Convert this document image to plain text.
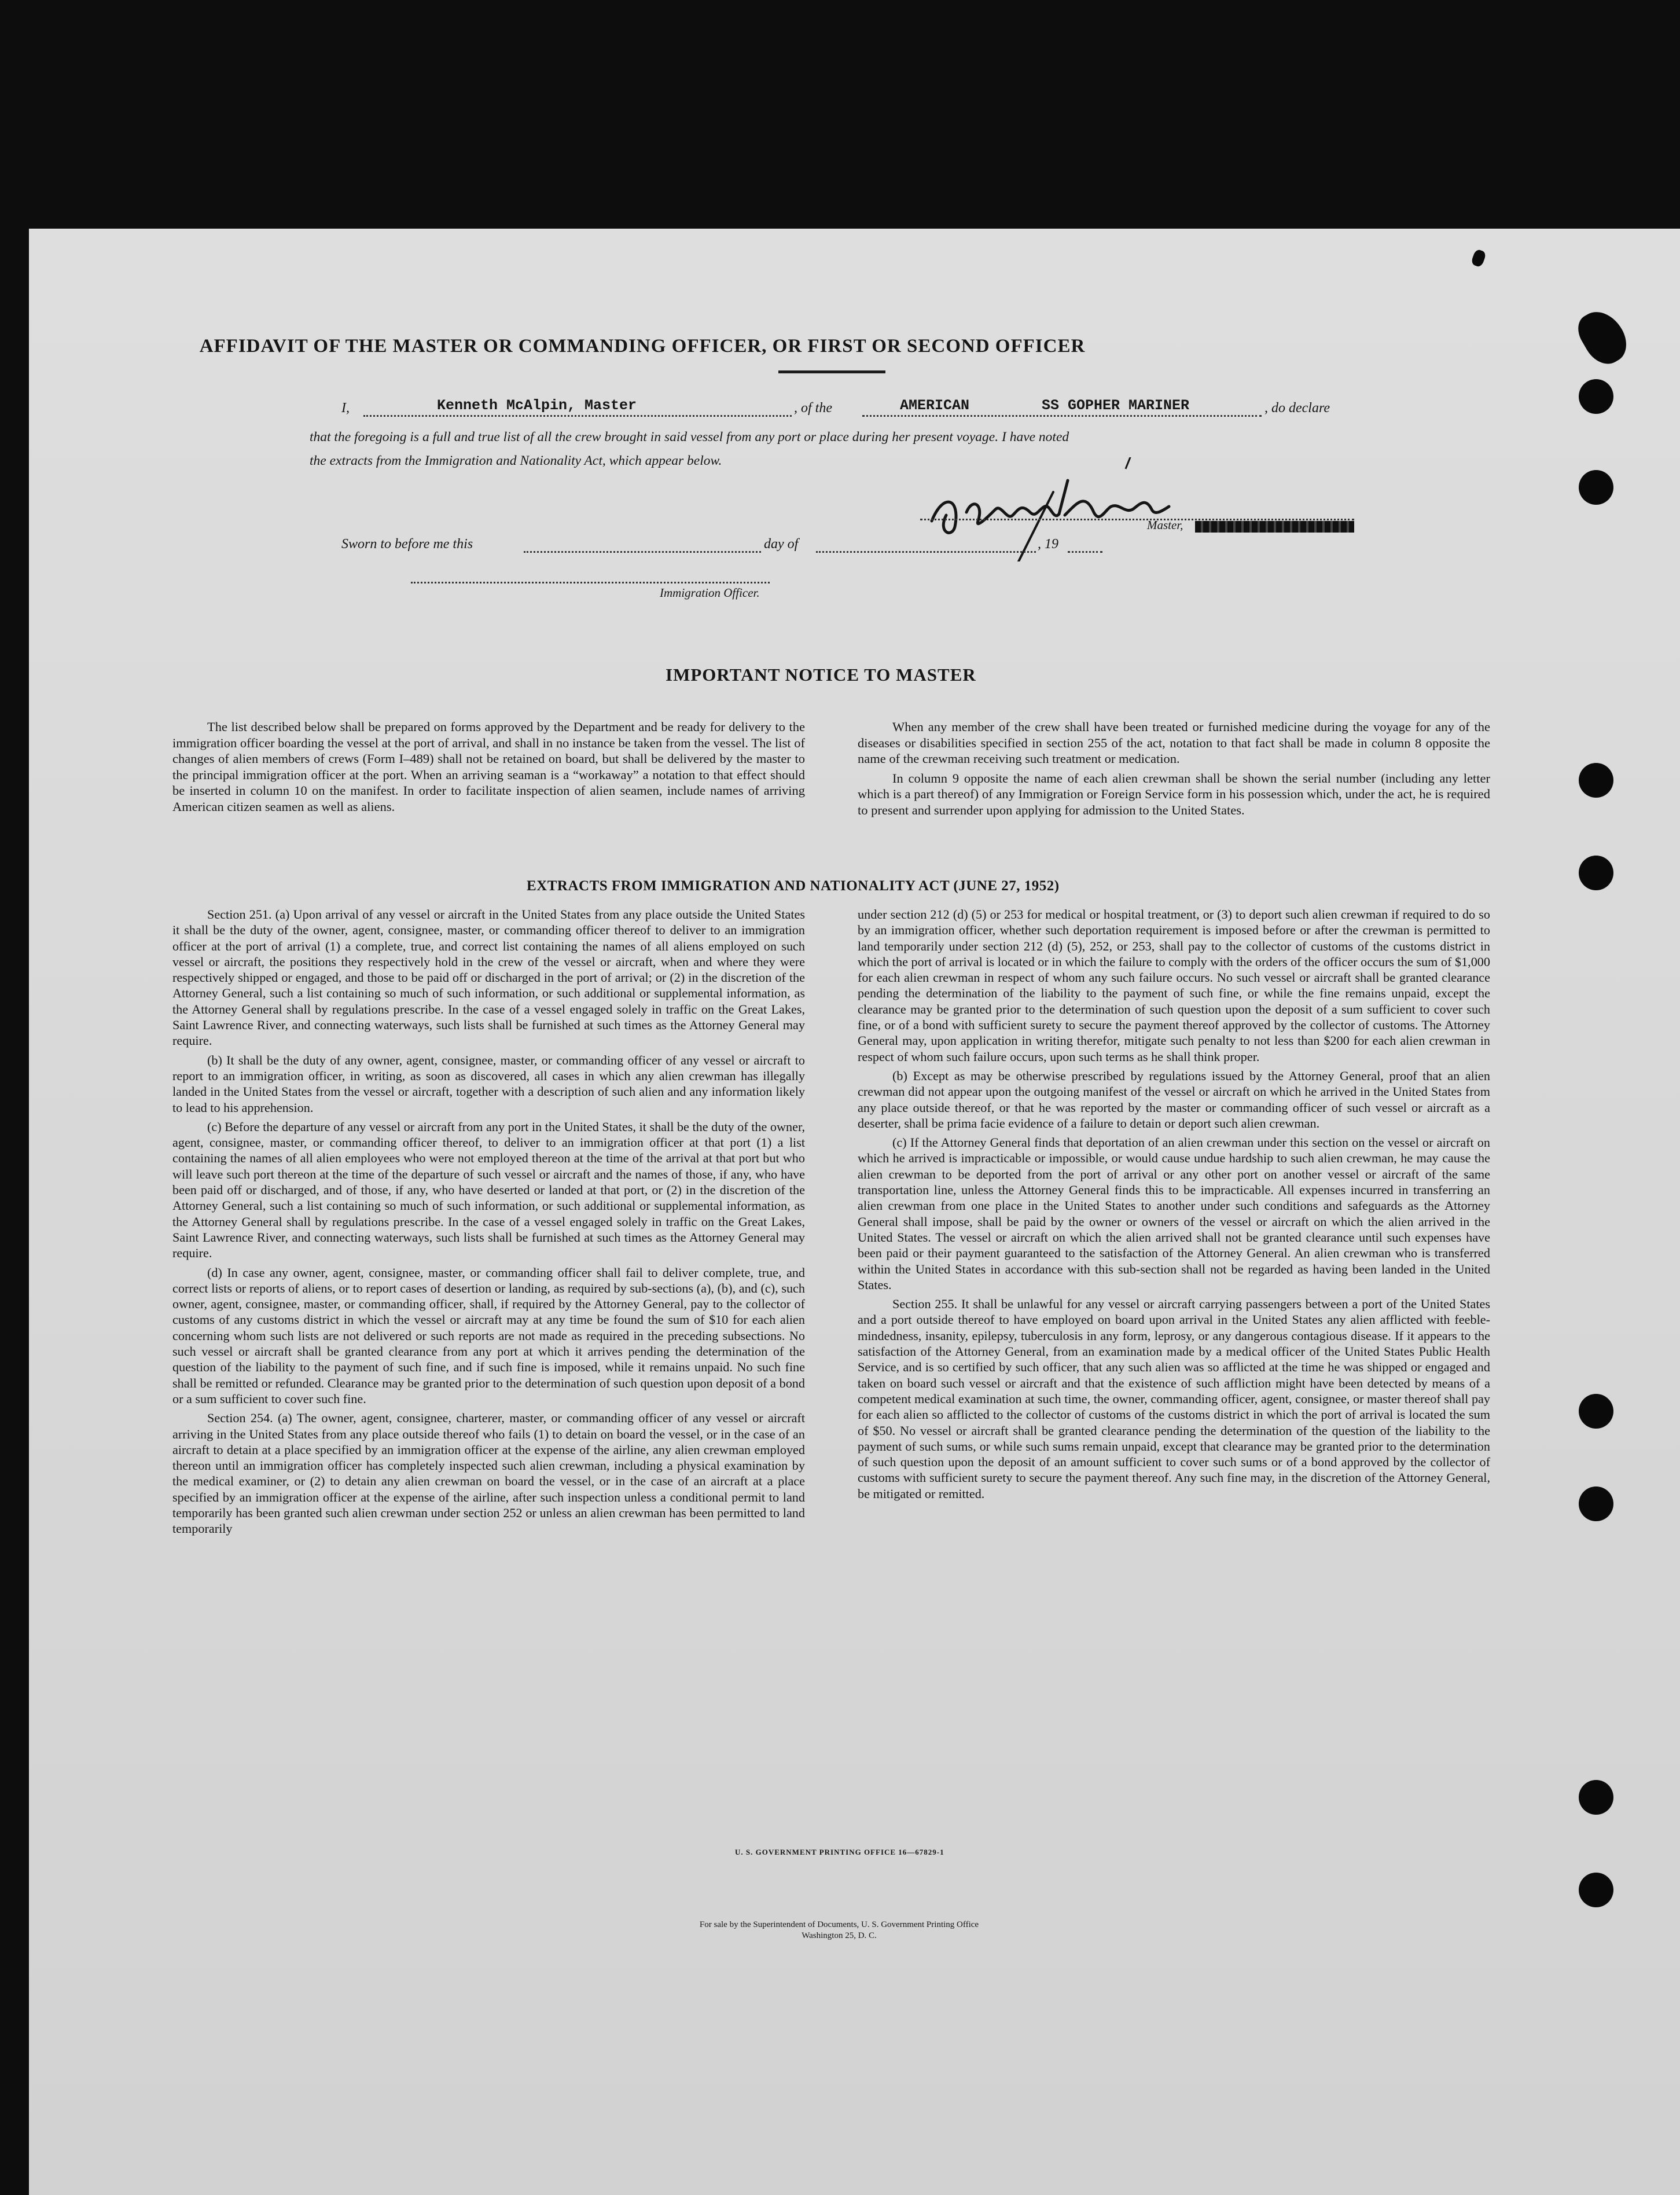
AFFIDAVIT OF THE MASTER OR COMMANDING OFFICER, OR FIRST OR SECOND OFFICER
I,	Kenneth McAlpin, Master	, of the	AMERICAN	SS GOPHER MARINER	, do declare
that the foregoing is a full and true list of all the crew brought in said vessel from any port or place during her present voyage. I have noted
the extracts from the Immigration and Nationality Act, which appear below.
Master,
Sworn to before me this	day of	, 19
Immigration Officer.
IMPORTANT NOTICE TO MASTER

The list described below shall be prepared on forms approved by the Department and be ready for delivery to the immigration officer boarding the vessel at the port of arrival, and shall in no instance be taken from the vessel. The list of changes of alien members of crews (Form I–489) shall not be retained on board, but shall be delivered by the master to the principal immigration officer at the port. When an arriving seaman is a “workaway” a notation to that effect should be inserted in column 10 on the manifest. In order to facilitate inspection of alien seamen, include names of arriving American citizen seamen as well as aliens.

When any member of the crew shall have been treated or furnished medicine during the voyage for any of the diseases or disabilities specified in section 255 of the act, notation to that fact shall be made in column 8 opposite the name of the crewman receiving such treatment or medication.

In column 9 opposite the name of each alien crewman shall be shown the serial number (including any letter which is a part thereof) of any Immigration or Foreign Service form in his possession which, under the act, he is required to present and surrender upon applying for admission to the United States.

EXTRACTS FROM IMMIGRATION AND NATIONALITY ACT (JUNE 27, 1952)

Section 251. (a) Upon arrival of any vessel or aircraft in the United States from any place outside the United States it shall be the duty of the owner, agent, consignee, master, or commanding officer thereof to deliver to an immigration officer at the port of arrival (1) a complete, true, and correct list containing the names of all aliens employed on such vessel or aircraft, the positions they respectively hold in the crew of the vessel or aircraft, when and where they were respectively shipped or engaged, and those to be paid off or discharged in the port of arrival; or (2) in the discretion of the Attorney General, such a list containing so much of such information, or such additional or supplemental information, as the Attorney General shall by regulations prescribe. In the case of a vessel engaged solely in traffic on the Great Lakes, Saint Lawrence River, and connecting waterways, such lists shall be furnished at such times as the Attorney General may require.

(b) It shall be the duty of any owner, agent, consignee, master, or commanding officer of any vessel or aircraft to report to an immigration officer, in writing, as soon as discovered, all cases in which any alien crewman has illegally landed in the United States from the vessel or aircraft, together with a description of such alien and any information likely to lead to his apprehension.

(c) Before the departure of any vessel or aircraft from any port in the United States, it shall be the duty of the owner, agent, consignee, master, or commanding officer thereof, to deliver to an immigration officer at that port (1) a list containing the names of all alien employees who were not employed thereon at the time of the arrival at that port but who will leave such port thereon at the time of the departure of such vessel or aircraft and the names of those, if any, who have been paid off or discharged, and of those, if any, who have deserted or landed at that port, or (2) in the discretion of the Attorney General, such a list containing so much of such information, or such additional or supplemental information, as the Attorney General shall by regulations prescribe. In the case of a vessel engaged solely in traffic on the Great Lakes, Saint Lawrence River, and connecting waterways, such lists shall be furnished at such times as the Attorney General may require.

(d) In case any owner, agent, consignee, master, or commanding officer shall fail to deliver complete, true, and correct lists or reports of aliens, or to report cases of desertion or landing, as required by sub-sections (a), (b), and (c), such owner, agent, consignee, master, or commanding officer, shall, if required by the Attorney General, pay to the collector of customs of any customs district in which the vessel or aircraft may at any time be found the sum of $10 for each alien concerning whom such lists are not delivered or such reports are not made as required in the preceding subsections. No such vessel or aircraft shall be granted clearance from any port at which it arrives pending the determination of the question of the liability to the payment of such fine, and if such fine is imposed, while it remains unpaid. No such fine shall be remitted or refunded. Clearance may be granted prior to the determination of such question upon deposit of a bond or a sum sufficient to cover such fine.

Section 254. (a) The owner, agent, consignee, charterer, master, or commanding officer of any vessel or aircraft arriving in the United States from any place outside thereof who fails (1) to detain on board the vessel, or in the case of an aircraft to detain at a place specified by an immigration officer at the expense of the airline, any alien crewman employed thereon until an immigration officer has completely inspected such alien crewman, including a physical examination by the medical examiner, or (2) to detain any alien crewman on board the vessel, or in the case of an aircraft at a place specified by an immigration officer at the expense of the airline, after such inspection unless a conditional permit to land temporarily has been granted such alien crewman under section 252 or unless an alien crewman has been permitted to land temporarily

under section 212 (d) (5) or 253 for medical or hospital treatment, or (3) to deport such alien crewman if required to do so by an immigration officer, whether such deportation requirement is imposed before or after the crewman is permitted to land temporarily under section 212 (d) (5), 252, or 253, shall pay to the collector of customs of the customs district in which the port of arrival is located or in which the failure to comply with the orders of the officer occurs the sum of $1,000 for each alien crewman in respect of whom any such failure occurs. No such vessel or aircraft shall be granted clearance pending the determination of the liability to the payment of such fine, or while the fine remains unpaid, except the clearance may be granted prior to the determination of such question upon the deposit of a sum sufficient to cover such fine, or of a bond with sufficient surety to secure the payment thereof approved by the collector of customs. The Attorney General may, upon application in writing therefor, mitigate such penalty to not less than $200 for each alien crewman in respect of whom such failure occurs, upon such terms as he shall think proper.

(b) Except as may be otherwise prescribed by regulations issued by the Attorney General, proof that an alien crewman did not appear upon the outgoing manifest of the vessel or aircraft on which he arrived in the United States from any place outside thereof, or that he was reported by the master or commanding officer of such vessel or aircraft as a deserter, shall be prima facie evidence of a failure to detain or deport such alien crewman.

(c) If the Attorney General finds that deportation of an alien crewman under this section on the vessel or aircraft on which he arrived is impracticable or impossible, or would cause undue hardship to such alien crewman, he may cause the alien crewman to be deported from the port of arrival or any other port on another vessel or aircraft of the same transportation line, unless the Attorney General finds this to be impracticable. All expenses incurred in transferring an alien crewman from one place in the United States to another under such conditions and safeguards as the Attorney General shall impose, shall be paid by the owner or owners of the vessel or aircraft on which the alien arrived in the United States. The vessel or aircraft on which the alien arrived shall not be granted clearance until such expenses have been paid or their payment guaranteed to the satisfaction of the Attorney General. An alien crewman who is transferred within the United States in accordance with this sub-section shall not be regarded as having been landed in the United States.

Section 255. It shall be unlawful for any vessel or aircraft carrying passengers between a port of the United States and a port outside thereof to have employed on board upon arrival in the United States any alien afflicted with feeble-mindedness, insanity, epilepsy, tuberculosis in any form, leprosy, or any dangerous contagious disease. If it appears to the satisfaction of the Attorney General, from an examination made by a medical officer of the United States Public Health Service, and is so certified by such officer, that any such alien was so afflicted at the time he was shipped or engaged and taken on board such vessel or aircraft and that the existence of such affliction might have been detected by means of a competent medical examination at such time, the owner, commanding officer, agent, consignee, or master thereof shall pay for each alien so afflicted to the collector of customs of the customs district in which the port of arrival is located the sum of $50. No vessel or aircraft shall be granted clearance pending the determination of the question of the liability to the payment of such sums, or while such sums remain unpaid, except that clearance may be granted prior to the determination of such question upon the deposit of an amount sufficient to cover such sums or of a bond approved by the collector of customs with sufficient surety to secure the payment thereof. Any such fine may, in the discretion of the Attorney General, be mitigated or remitted.

U. S. GOVERNMENT PRINTING OFFICE 16—67829-1
For sale by the Superintendent of Documents, U. S. Government Printing Office
Washington 25, D. C.
